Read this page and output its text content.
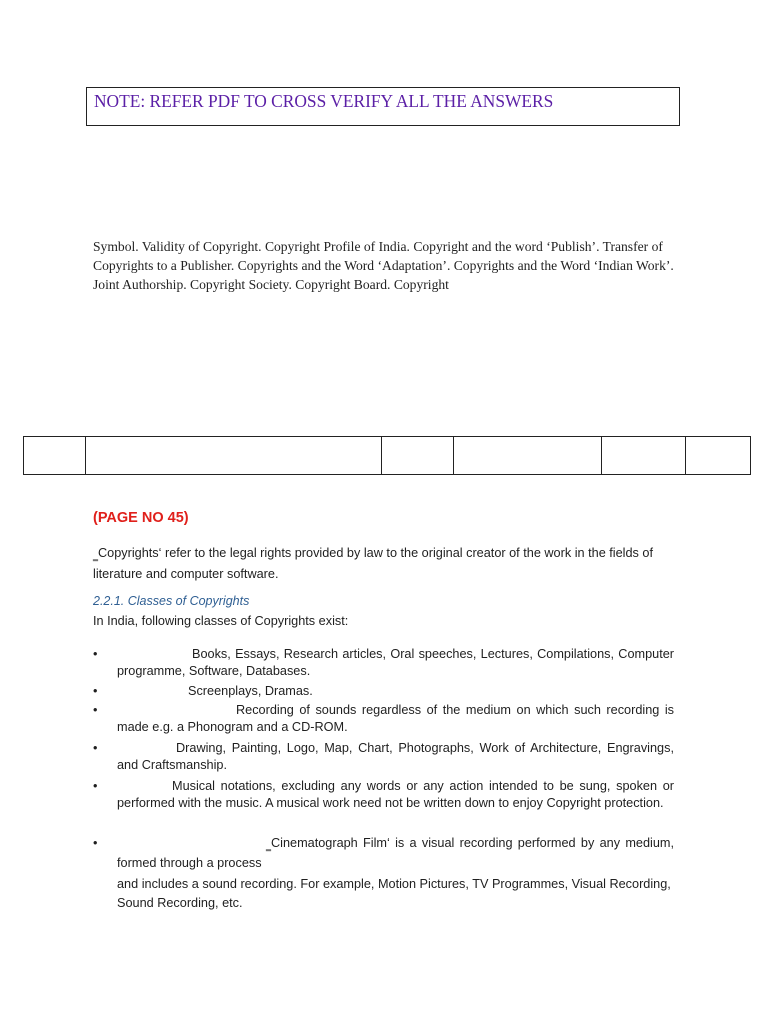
NOTE: REFER PDF TO CROSS VERIFY ALL THE ANSWERS
Symbol. Validity of Copyright. Copyright Profile of India. Copyright and the word ‘Publish’. Transfer of Copyrights to a Publisher. Copyrights and the Word ‘Adaptation’. Copyrights and the Word ‘Indian Work’. Joint Authorship. Copyright Society. Copyright Board. Copyright

(PAGE NO 45)
‗Copyrights‘ refer to the legal rights provided by law to the original creator of the work in the fields of literature and computer software.
2.2.1. Classes of Copyrights
In India, following classes of Copyrights exist:
•	Books, Essays, Research articles, Oral speeches, Lectures, Compilations, Computer programme, Software, Databases.
•	Screenplays, Dramas.
•	Recording of sounds regardless of the medium on which such recording is made e.g. a Phonogram and a CD-ROM.
•	Drawing, Painting, Logo, Map, Chart, Photographs, Work of Architecture, Engravings, and Craftsmanship.
•	Musical notations, excluding any words or any action intended to be sung, spoken or performed with the music. A musical work need not be written down to enjoy Copyright protection.
•	‗Cinematograph Film‘ is a visual recording performed by any medium, formed through a process
and includes a sound recording. For example, Motion Pictures, TV Programmes, Visual Recording, Sound Recording, etc.
